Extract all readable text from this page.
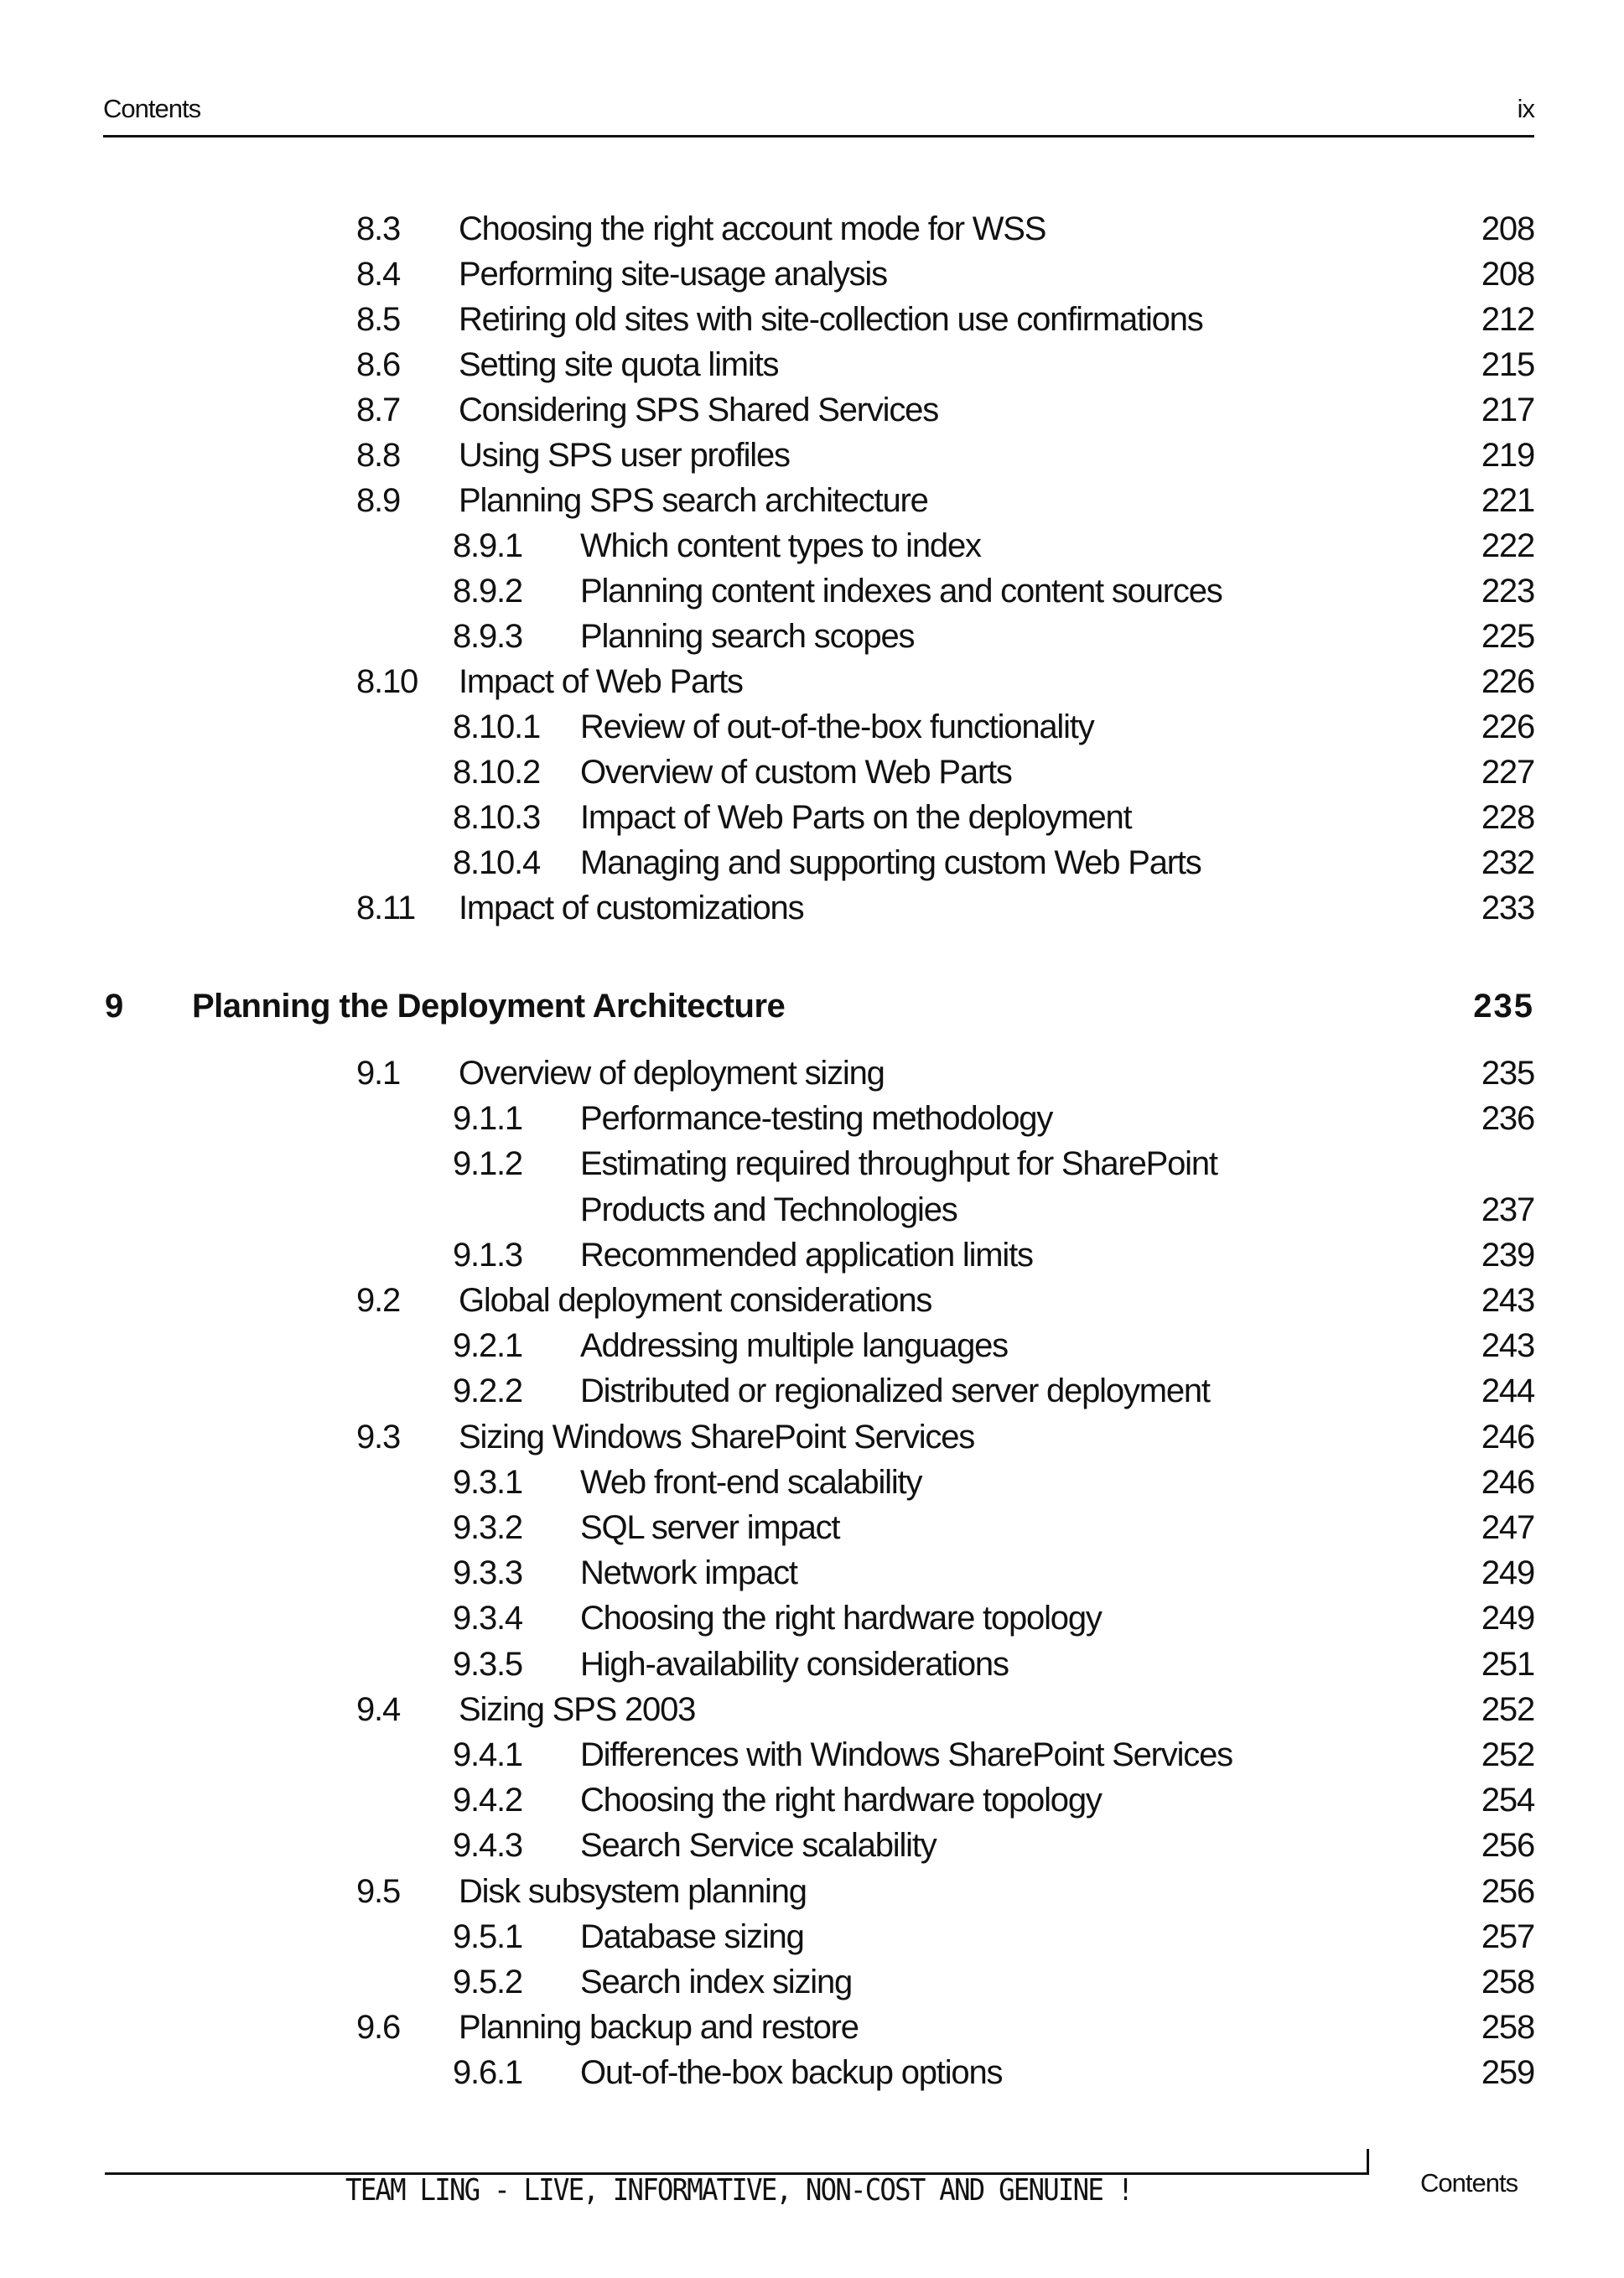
Contents	ix
8.3 Choosing the right account mode for WSS	208
8.4 Performing site-usage analysis	208
8.5 Retiring old sites with site-collection use confirmations	212
8.6 Setting site quota limits	215
8.7 Considering SPS Shared Services	217
8.8 Using SPS user profiles	219
8.9 Planning SPS search architecture	221
8.9.1 Which content types to index	222
8.9.2 Planning content indexes and content sources	223
8.9.3 Planning search scopes	225
8.10 Impact of Web Parts	226
8.10.1 Review of out-of-the-box functionality	226
8.10.2 Overview of custom Web Parts	227
8.10.3 Impact of Web Parts on the deployment	228
8.10.4 Managing and supporting custom Web Parts	232
8.11 Impact of customizations	233
9 Planning the Deployment Architecture	235
9.1 Overview of deployment sizing	235
9.1.1 Performance-testing methodology	236
9.1.2 Estimating required throughput for SharePoint
Products and Technologies	237
9.1.3 Recommended application limits	239
9.2 Global deployment considerations	243
9.2.1 Addressing multiple languages	243
9.2.2 Distributed or regionalized server deployment	244
9.3 Sizing Windows SharePoint Services	246
9.3.1 Web front-end scalability	246
9.3.2 SQL server impact	247
9.3.3 Network impact	249
9.3.4 Choosing the right hardware topology	249
9.3.5 High-availability considerations	251
9.4 Sizing SPS 2003	252
9.4.1 Differences with Windows SharePoint Services	252
9.4.2 Choosing the right hardware topology	254
9.4.3 Search Service scalability	256
9.5 Disk subsystem planning	256
9.5.1 Database sizing	257
9.5.2 Search index sizing	258
9.6 Planning backup and restore	258
9.6.1 Out-of-the-box backup options	259
Contents
TEAM LING - LIVE, INFORMATIVE, NON-COST AND GENUINE !
